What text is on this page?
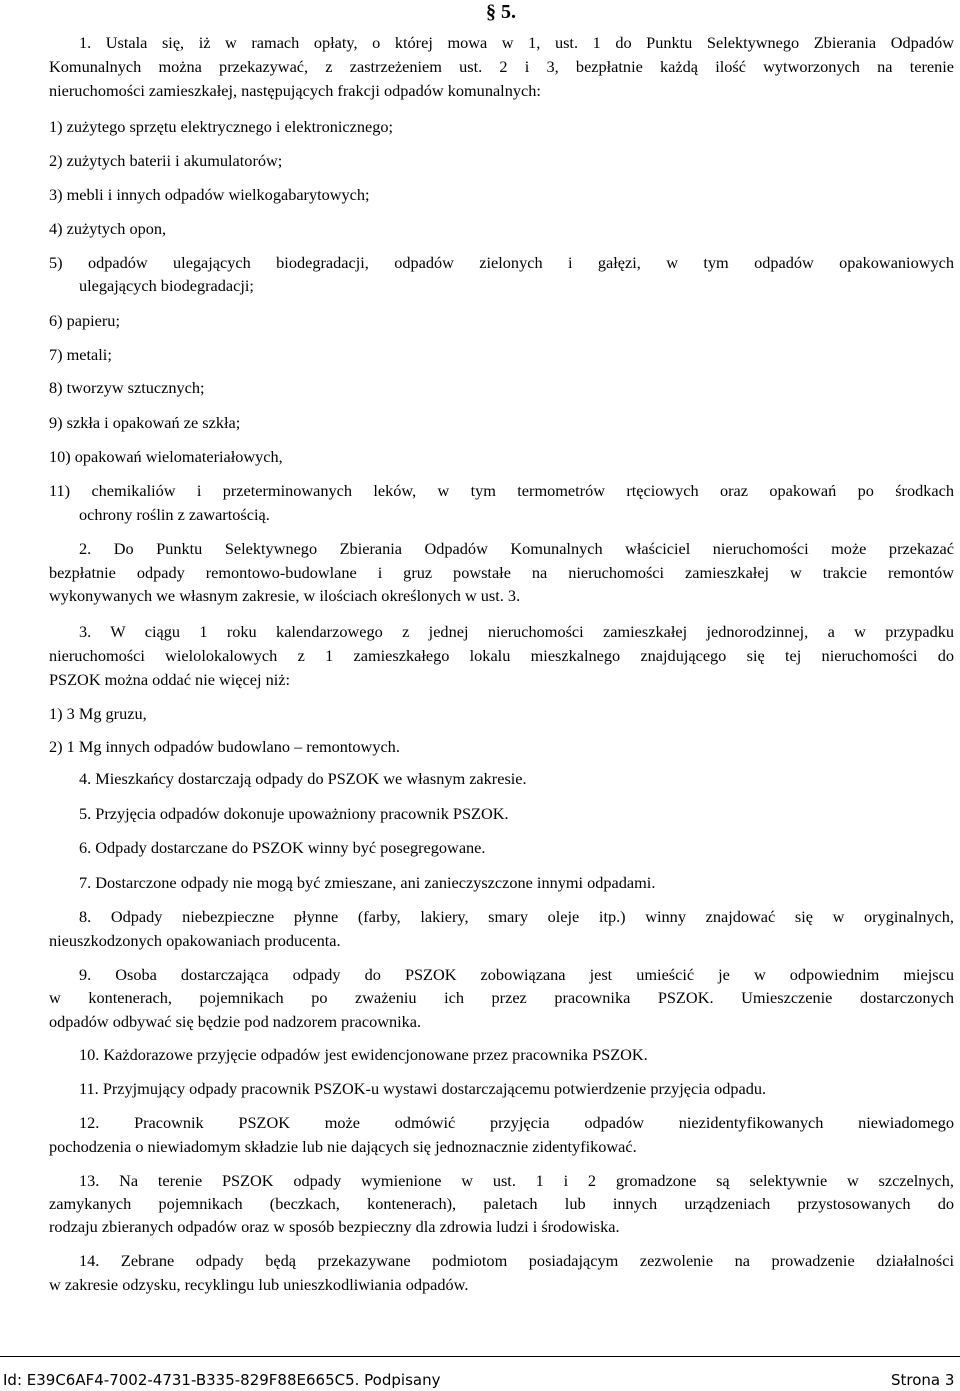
§ 5.
1. Ustala się, iż w ramach opłaty, o której mowa w 1, ust. 1 do Punktu Selektywnego Zbierania Odpadów
Komunalnych można przekazywać, z zastrzeżeniem ust. 2 i 3, bezpłatnie każdą ilość wytworzonych na terenie
nieruchomości zamieszkałej, następujących frakcji odpadów komunalnych:
1) zużytego sprzętu elektrycznego i elektronicznego;
2) zużytych baterii i akumulatorów;
3) mebli i innych odpadów wielkogabarytowych;
4) zużytych opon,
5) odpadów ulegających biodegradacji, odpadów zielonych i gałęzi, w tym odpadów opakowaniowych
ulegających biodegradacji;
6) papieru;
7) metali;
8) tworzyw sztucznych;
9) szkła i opakowań ze szkła;
10) opakowań wielomateriałowych,
11) chemikaliów i przeterminowanych leków, w tym termometrów rtęciowych oraz opakowań po środkach
ochrony roślin z zawartością.
2. Do Punktu Selektywnego Zbierania Odpadów Komunalnych właściciel nieruchomości może przekazać
bezpłatnie odpady remontowo-budowlane i gruz powstałe na nieruchomości zamieszkałej w trakcie remontów
wykonywanych we własnym zakresie, w ilościach określonych w ust. 3.
3. W ciągu 1 roku kalendarzowego z jednej nieruchomości zamieszkałej jednorodzinnej, a w przypadku
nieruchomości wielolokalowych z 1 zamieszkałego lokalu mieszkalnego znajdującego się tej nieruchomości do
PSZOK można oddać nie więcej niż:
1) 3 Mg gruzu,
2) 1 Mg innych odpadów budowlano – remontowych.
4. Mieszkańcy dostarczają odpady do PSZOK we własnym zakresie.
5. Przyjęcia odpadów dokonuje upoważniony pracownik PSZOK.
6. Odpady dostarczane do PSZOK winny być posegregowane.
7. Dostarczone odpady nie mogą być zmieszane, ani zanieczyszczone innymi odpadami.
8. Odpady niebezpieczne płynne (farby, lakiery, smary oleje itp.) winny znajdować się w oryginalnych,
nieuszkodzonych opakowaniach producenta.
9. Osoba dostarczająca odpady do PSZOK zobowiązana jest umieścić je w odpowiednim miejscu
w kontenerach, pojemnikach po zważeniu ich przez pracownika PSZOK. Umieszczenie dostarczonych
odpadów odbywać się będzie pod nadzorem pracownika.
10. Każdorazowe przyjęcie odpadów jest ewidencjonowane przez pracownika PSZOK.
11. Przyjmujący odpady pracownik PSZOK-u wystawi dostarczającemu potwierdzenie przyjęcia odpadu.
12. Pracownik PSZOK może odmówić przyjęcia odpadów niezidentyfikowanych niewiadomego
pochodzenia o niewiadomym składzie lub nie dających się jednoznacznie zidentyfikować.
13. Na terenie PSZOK odpady wymienione w ust. 1 i 2 gromadzone są selektywnie w szczelnych,
zamykanych pojemnikach (beczkach, kontenerach), paletach lub innych urządzeniach przystosowanych do
rodzaju zbieranych odpadów oraz w sposób bezpieczny dla zdrowia ludzi i środowiska.
14. Zebrane odpady będą przekazywane podmiotom posiadającym zezwolenie na prowadzenie działalności
w zakresie odzysku, recyklingu lub unieszkodliwiania odpadów.
Id: E39C6AF4-7002-4731-B335-829F88E665C5. Podpisany	Strona 3
